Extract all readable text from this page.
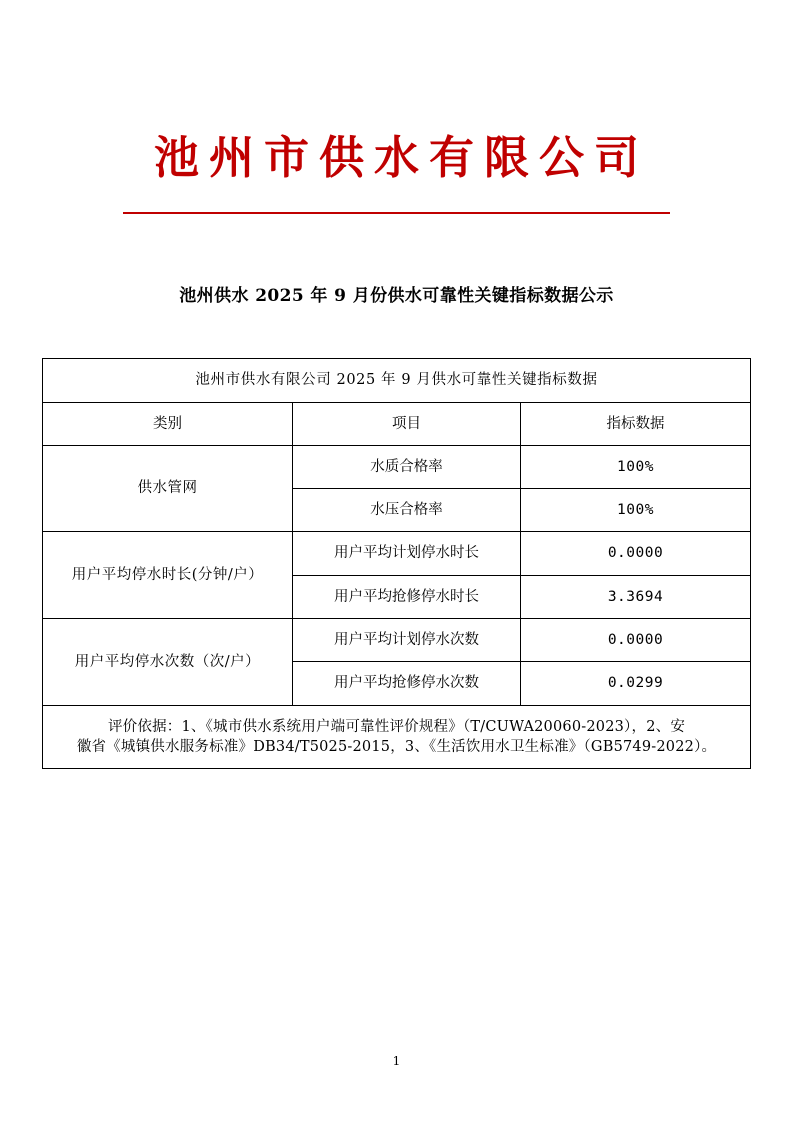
池州市供水有限公司
池州供水 2025 年 9 月份供水可靠性关键指标数据公示
池州市供水有限公司 2025 年 9 月供水可靠性关键指标数据		
类别	项目	指标数据
供水管网	水质合格率	100%
	水压合格率	100%
用户平均停水时长(分钟/户）	用户平均计划停水时长	0.0000
	用户平均抢修停水时长	3.3694
用户平均停水次数（次/户）	用户平均计划停水次数	0.0000
	用户平均抢修停水次数	0.0299

评价依据：1、《城市供水系统用户端可靠性评价规程》（T/CUWA20060-2023），2、安
徽省《城镇供水服务标准》DB34/T5025-2015，3、《生活饮用水卫生标准》（GB5749-2022）。		
1
